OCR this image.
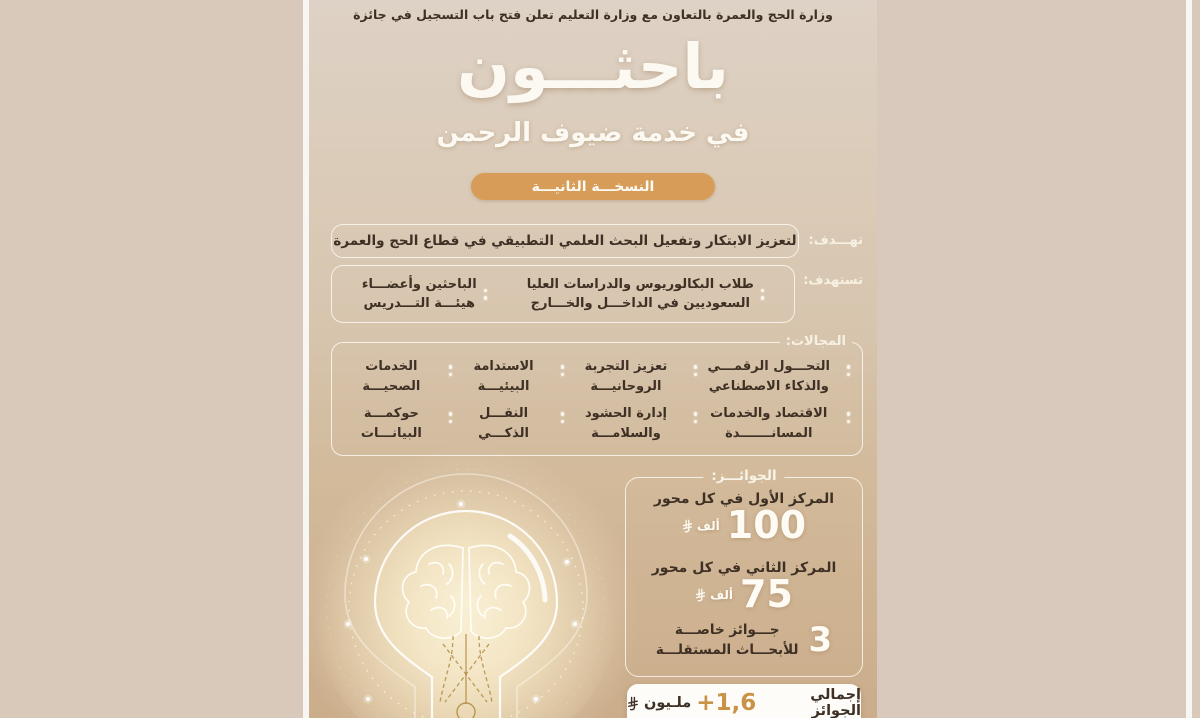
وزارة الحج والعمرة بالتعاون مع وزارة التعليم تعلن فتح باب التسجيل في جائزة
باحثـــون
في خدمة ضيوف الرحمن
النسخـــة الثانيـــة
تهـــدف:
لتعزيز الابتكار وتفعيل البحث العلمي التطبيقي في قطاع الحج والعمرة
تستهدف:
طلاب البكالوريوس والدراسات العليا
السعوديين في الداخـــل والخـــارج
الباحثين وأعضـــاء
هيئـــة التـــدريس
المجالات:
التحـــول الرقمـــي
والذكاء الاصطناعي
تعزيز التجربة
الروحانيـــة
الاستدامة
البيئيـــة
الخدمات
الصحيـــة
الاقتصاد والخدمات
المسانـــــــدة
إدارة الحشود
والسلامـــة
النقـــل
الذكـــي
حوكمـــة
البيانـــات
الجوائـــز:
المركز الأول في كل محور
100
ألف
المركز الثاني في كل محور
75
ألف
3
جـــوائز خاصـــة
للأبحـــاث المستقلـــة
إجمالي الجوائز
+1,6
ملـيون
